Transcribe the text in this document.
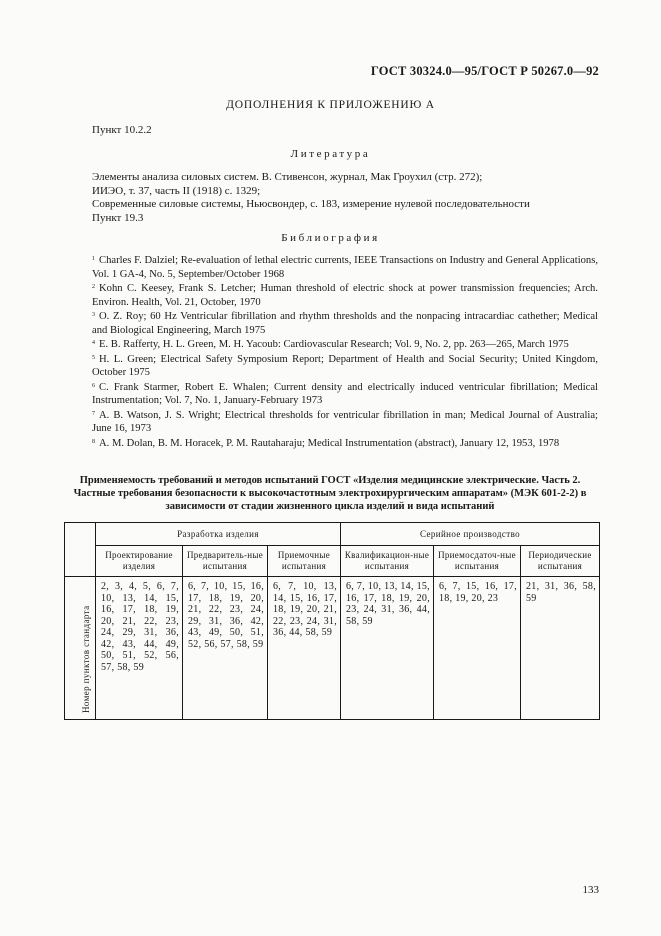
ГОСТ 30324.0—95/ГОСТ Р 50267.0—92
ДОПОЛНЕНИЯ К ПРИЛОЖЕНИЮ А
Пункт 10.2.2
Литература
Элементы анализа силовых систем. В. Стивенсон, журнал, Мак Гроухил (стр. 272);
ИИЭО, т. 37, часть II (1918) с. 1329;
Современные силовые системы, Ньюсвондер, с. 183, измерение нулевой последовательности
Пункт 19.3
Библиография

$^1$ Charles F. Dalziel; Re-evaluation of lethal electric currents, IEEE Transactions on Industry and General Applications, Vol. 1 GA-4, No. 5, September/October 1968

$^2$ Kohn C. Keesey, Frank S. Letcher; Human threshold of electric shock at power transmission frequencies; Arch. Environ. Health, Vol. 21, October, 1970

$^3$ O. Z. Roy; 60 Hz Ventricular fibrillation and rhythm thresholds and the nonpacing intracardiac cathether; Medical and Biological Engineering, March 1975

$^4$ E. B. Rafferty, H. L. Green, M. H. Yacoub: Cardiovascular Research; Vol. 9, No. 2, pp. 263—265, March 1975

$^5$ H. L. Green; Electrical Safety Symposium Report; Department of Health and Social Security; United Kingdom, October 1975

$^6$ C. Frank Starmer, Robert E. Whalen; Current density and electrically induced ventricular fibrillation; Medical Instrumentation; Vol. 7, No. 1, January-February 1973

$^7$ A. B. Watson, J. S. Wright; Electrical thresholds for ventricular fibrillation in man; Medical Journal of Australia; June 16, 1973

$^8$ A. M. Dolan, B. M. Horacek, P. M. Rautaharaju; Medical Instrumentation (abstract), January 12, 1953, 1978

Применяемость требований и методов испытаний ГОСТ «Изделия медицинские электрические. Часть 2. Частные требования безопасности к высокочастотным электрохирургическим аппаратам» (МЭК 601-2-2) в зависимости от стадии жизненного цикла изделий и вида испытаний
	Разработка изделия			Серийное производство		
	Проектирование изделия	Предваритель-ные испытания	Приемочные испытания	Квалификацион-ные испытания	Приемосдаточ-ные испытания	Периодические испытания

Номер пунктов стандарта	2, 3, 4, 5, 6, 7, 10, 13, 14, 15, 16, 17, 18, 19, 20, 21, 22, 23, 24, 29, 31, 36, 42, 43, 44, 49, 50, 51, 52, 56, 57, 58, 59	6, 7, 10, 15, 16, 17, 18, 19, 20, 21, 22, 23, 24, 29, 31, 36, 42, 43, 49, 50, 51, 52, 56, 57, 58, 59	6, 7, 10, 13, 14, 15, 16, 17, 18, 19, 20, 21, 22, 23, 24, 31, 36, 44, 58, 59	6, 7, 10, 13, 14, 15, 16, 17, 18, 19, 20, 23, 24, 31, 36, 44, 58, 59	6, 7, 15, 16, 17, 18, 19, 20, 23	21, 31, 36, 58, 59
133
